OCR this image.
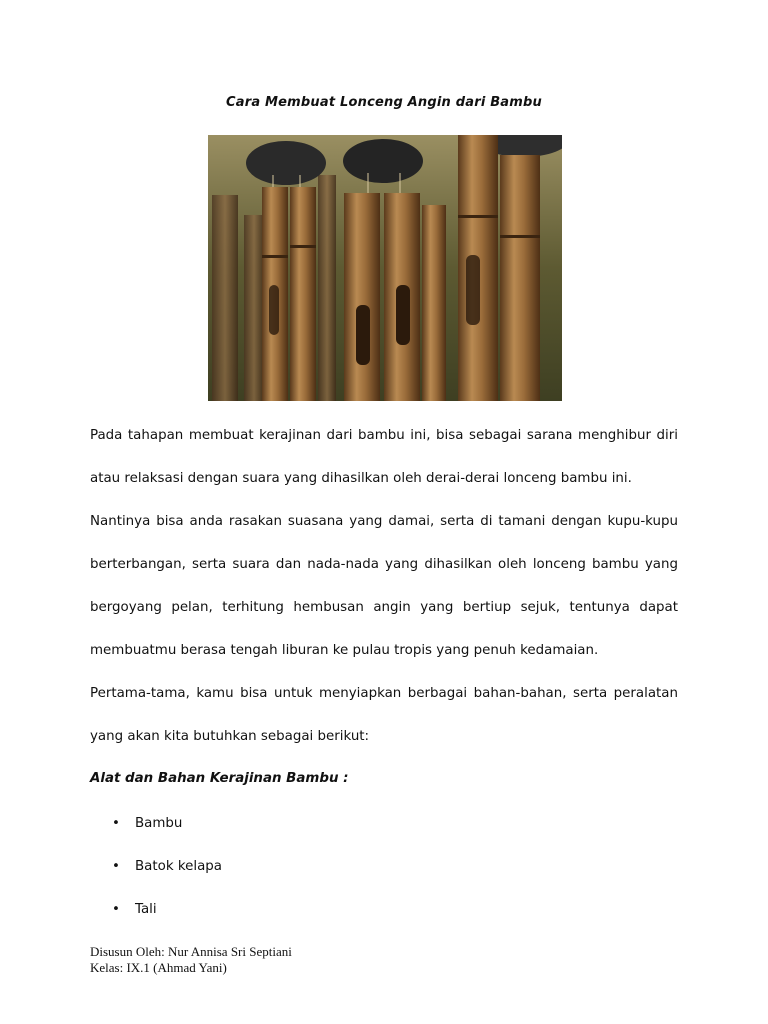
Cara Membuat Lonceng Angin dari Bambu
Pada tahapan membuat kerajinan dari bambu ini, bisa sebagai sarana menghibur diri
atau relaksasi dengan suara yang dihasilkan oleh derai-derai lonceng bambu ini.
Nantinya bisa anda rasakan suasana yang damai, serta di tamani dengan kupu-kupu
berterbangan, serta suara dan nada-nada yang dihasilkan oleh lonceng bambu yang
bergoyang pelan, terhitung hembusan angin yang bertiup sejuk, tentunya dapat
membuatmu berasa tengah liburan ke pulau tropis yang penuh kedamaian.
Pertama-tama, kamu bisa untuk menyiapkan berbagai bahan-bahan, serta peralatan
yang akan kita butuhkan sebagai berikut:
Alat dan Bahan Kerajinan Bambu :
• Bambu
• Batok kelapa
• Tali
Disusun Oleh: Nur Annisa Sri Septiani
Kelas: IX.1 (Ahmad Yani)
